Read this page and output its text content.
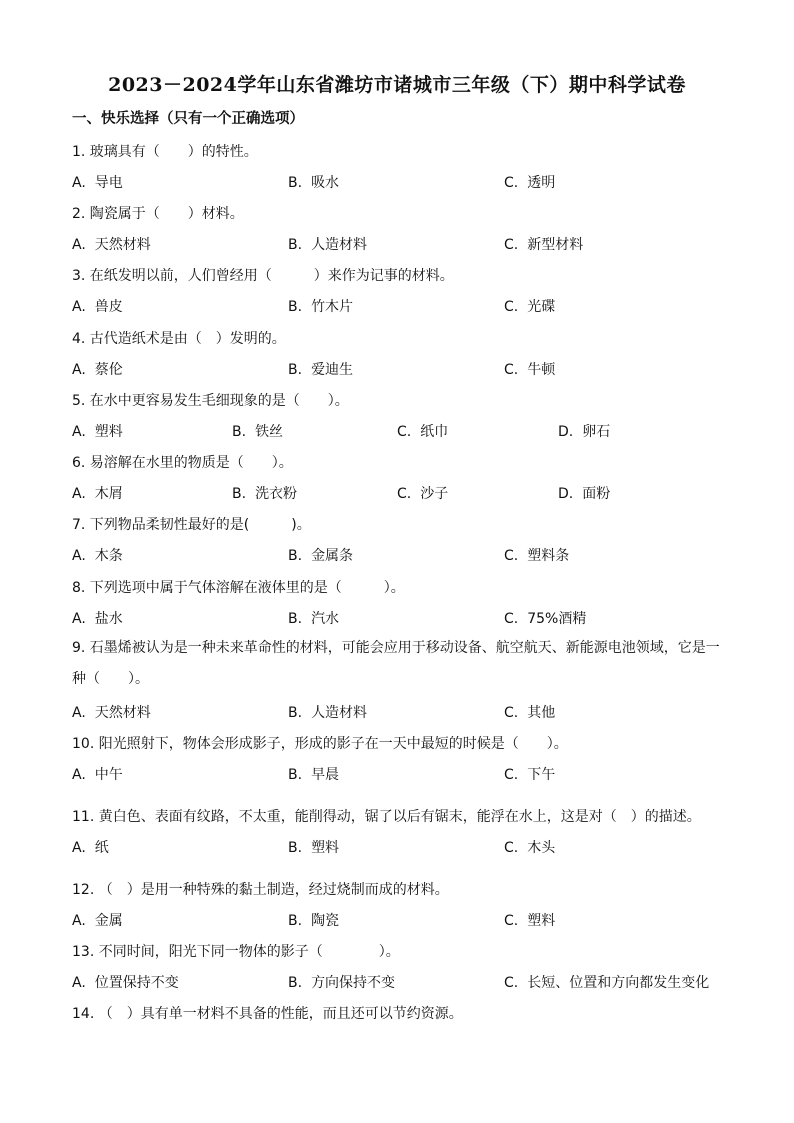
2023－2024学年山东省潍坊市诸城市三年级（下）期中科学试卷
一、快乐选择（只有一个正确选项）
1. 玻璃具有（　　）的特性。
A. 导电	B. 吸水	C. 透明
2. 陶瓷属于（　　）材料。
A. 天然材料	B. 人造材料	C. 新型材料
3. 在纸发明以前，人们曾经用（　　　）来作为记事的材料。
A. 兽皮	B. 竹木片	C. 光碟
4. 古代造纸术是由（　）发明的。
A. 蔡伦	B. 爱迪生	C. 牛顿
5. 在水中更容易发生毛细现象的是（　　）。
A. 塑料	B. 铁丝	C. 纸巾	D. 卵石
6. 易溶解在水里的物质是（　　）。
A. 木屑	B. 洗衣粉	C. 沙子	D. 面粉
7. 下列物品柔韧性最好的是(　　　)。
A. 木条	B. 金属条	C. 塑料条
8. 下列选项中属于气体溶解在液体里的是（　　　）。
A. 盐水	B. 汽水	C. 75%酒精
9. 石墨烯被认为是一种未来革命性的材料，可能会应用于移动设备、航空航天、新能源电池领域，它是一种（　　）。
A. 天然材料	B. 人造材料	C. 其他
10. 阳光照射下，物体会形成影子，形成的影子在一天中最短的时候是（　　）。
A. 中午	B. 早晨	C. 下午
11. 黄白色、表面有纹路，不太重，能削得动，锯了以后有锯末，能浮在水上，这是对（　）的描述。
A. 纸	B. 塑料	C. 木头
12. （　）是用一种特殊的黏土制造，经过烧制而成的材料。
A. 金属	B. 陶瓷	C. 塑料
13. 不同时间，阳光下同一物体的影子（　　　　）。
A. 位置保持不变	B. 方向保持不变	C. 长短、位置和方向都发生变化
14. （　）具有单一材料不具备的性能，而且还可以节约资源。
